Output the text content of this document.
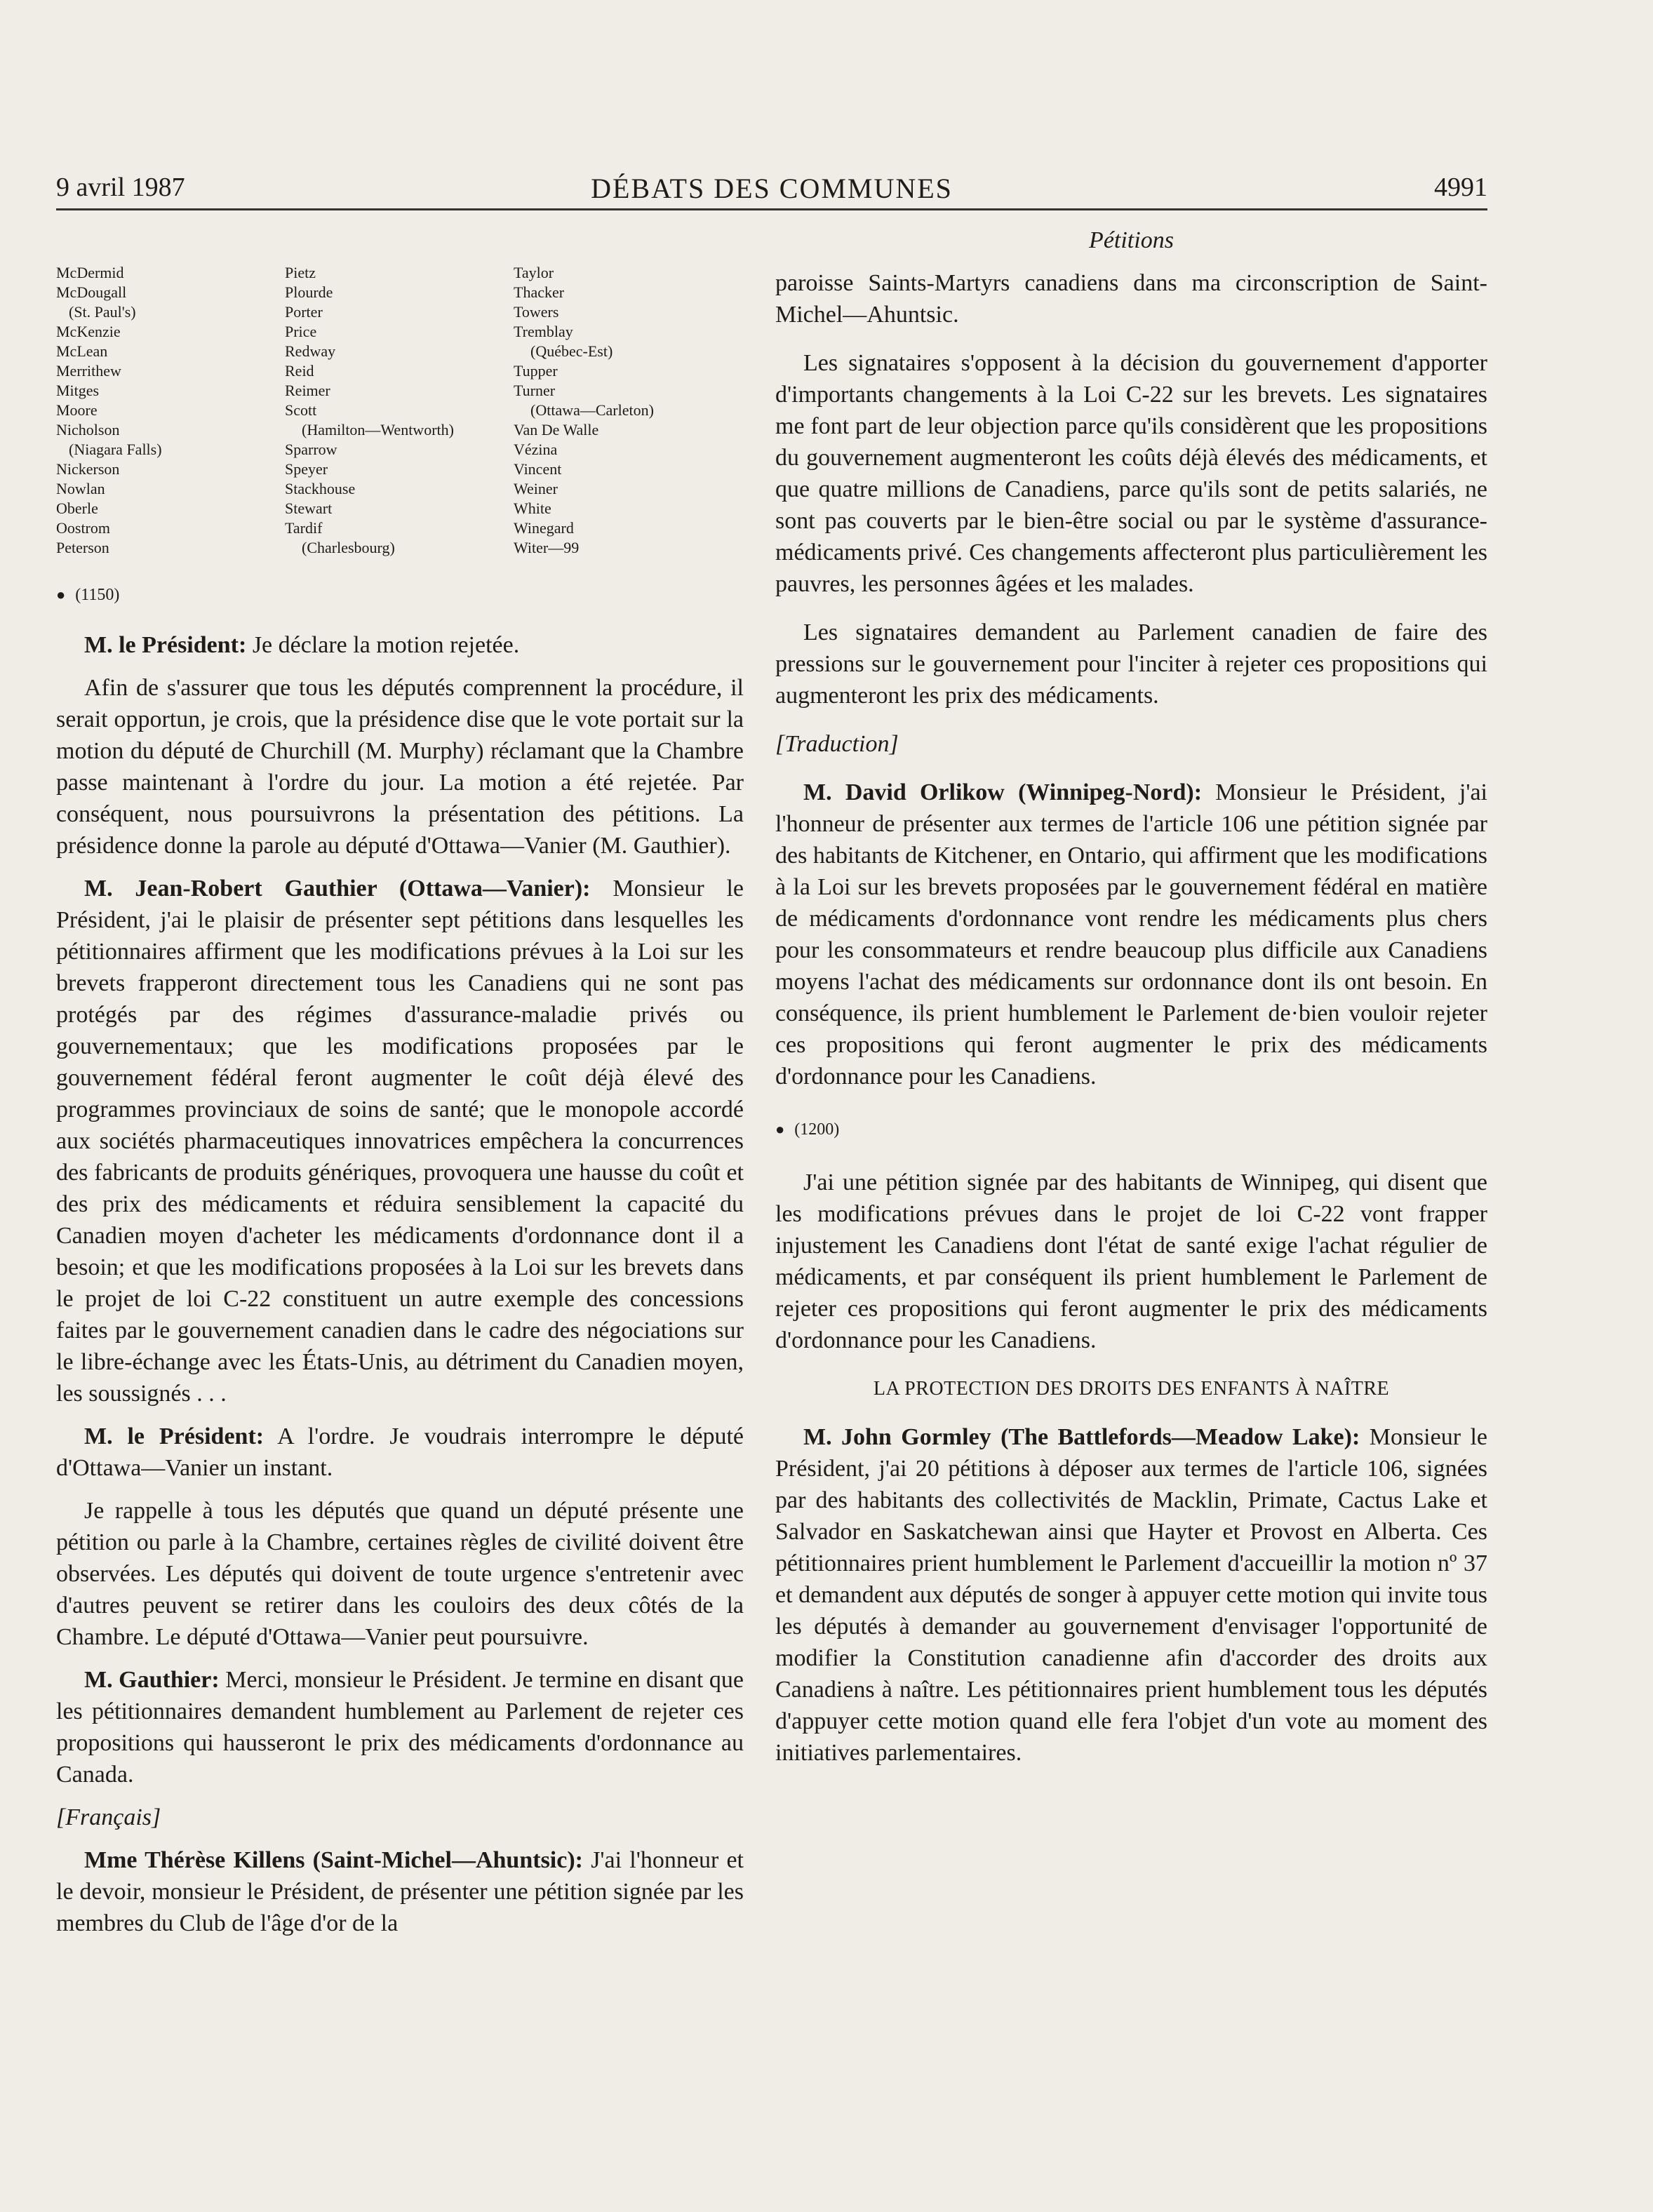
9 avril 1987	DÉBATS DES COMMUNES	4991
McDermid
McDougall
(St. Paul's)
McKenzie
McLean
Merrithew
Mitges
Moore
Nicholson
(Niagara Falls)
Nickerson
Nowlan
Oberle
Oostrom
Peterson
Pietz
Plourde
Porter
Price
Redway
Reid
Reimer
Scott
(Hamilton—Wentworth)
Sparrow
Speyer
Stackhouse
Stewart
Tardif
(Charlesbourg)
Taylor
Thacker
Towers
Tremblay
(Québec-Est)
Tupper
Turner
(Ottawa—Carleton)
Van De Walle
Vézina
Vincent
Weiner
White
Winegard
Witer—99

● (1150)

M. le Président: Je déclare la motion rejetée.

Afin de s'assurer que tous les députés comprennent la procédure, il serait opportun, je crois, que la présidence dise que le vote portait sur la motion du député de Churchill (M. Murphy) réclamant que la Chambre passe maintenant à l'ordre du jour. La motion a été rejetée. Par conséquent, nous poursuivrons la présentation des pétitions. La présidence donne la parole au député d'Ottawa—Vanier (M. Gauthier).

M. Jean-Robert Gauthier (Ottawa—Vanier): Monsieur le Président, j'ai le plaisir de présenter sept pétitions dans lesquelles les pétitionnaires affirment que les modifications prévues à la Loi sur les brevets frapperont directement tous les Canadiens qui ne sont pas protégés par des régimes d'assurance-maladie privés ou gouvernementaux; que les modifications proposées par le gouvernement fédéral feront augmenter le coût déjà élevé des programmes provinciaux de soins de santé; que le monopole accordé aux sociétés pharmaceutiques innovatrices empêchera la concurrences des fabricants de produits génériques, provoquera une hausse du coût et des prix des médicaments et réduira sensiblement la capacité du Canadien moyen d'acheter les médicaments d'ordonnance dont il a besoin; et que les modifications proposées à la Loi sur les brevets dans le projet de loi C-22 constituent un autre exemple des concessions faites par le gouvernement canadien dans le cadre des négociations sur le libre-échange avec les États-Unis, au détriment du Canadien moyen, les soussignés . . .

M. le Président: A l'ordre. Je voudrais interrompre le député d'Ottawa—Vanier un instant.

Je rappelle à tous les députés que quand un député présente une pétition ou parle à la Chambre, certaines règles de civilité doivent être observées. Les députés qui doivent de toute urgence s'entretenir avec d'autres peuvent se retirer dans les couloirs des deux côtés de la Chambre. Le député d'Ottawa—Vanier peut poursuivre.

M. Gauthier: Merci, monsieur le Président. Je termine en disant que les pétitionnaires demandent humblement au Parlement de rejeter ces propositions qui hausseront le prix des médicaments d'ordonnance au Canada.

[Français]

Mme Thérèse Killens (Saint-Michel—Ahuntsic): J'ai l'honneur et le devoir, monsieur le Président, de présenter une pétition signée par les membres du Club de l'âge d'or de la

Pétitions

paroisse Saints-Martyrs canadiens dans ma circonscription de Saint-Michel—Ahuntsic.

Les signataires s'opposent à la décision du gouvernement d'apporter d'importants changements à la Loi C-22 sur les brevets. Les signataires me font part de leur objection parce qu'ils considèrent que les propositions du gouvernement augmenteront les coûts déjà élevés des médicaments, et que quatre millions de Canadiens, parce qu'ils sont de petits salariés, ne sont pas couverts par le bien-être social ou par le système d'assurance-médicaments privé. Ces changements affecteront plus particulièrement les pauvres, les personnes âgées et les malades.

Les signataires demandent au Parlement canadien de faire des pressions sur le gouvernement pour l'inciter à rejeter ces propositions qui augmenteront les prix des médicaments.

[Traduction]

M. David Orlikow (Winnipeg-Nord): Monsieur le Président, j'ai l'honneur de présenter aux termes de l'article 106 une pétition signée par des habitants de Kitchener, en Ontario, qui affirment que les modifications à la Loi sur les brevets proposées par le gouvernement fédéral en matière de médicaments d'ordonnance vont rendre les médicaments plus chers pour les consommateurs et rendre beaucoup plus difficile aux Canadiens moyens l'achat des médicaments sur ordonnance dont ils ont besoin. En conséquence, ils prient humblement le Parlement de·bien vouloir rejeter ces propositions qui feront augmenter le prix des médicaments d'ordonnance pour les Canadiens.

● (1200)

J'ai une pétition signée par des habitants de Winnipeg, qui disent que les modifications prévues dans le projet de loi C-22 vont frapper injustement les Canadiens dont l'état de santé exige l'achat régulier de médicaments, et par conséquent ils prient humblement le Parlement de rejeter ces propositions qui feront augmenter le prix des médicaments d'ordonnance pour les Canadiens.

LA PROTECTION DES DROITS DES ENFANTS À NAÎTRE

M. John Gormley (The Battlefords—Meadow Lake): Monsieur le Président, j'ai 20 pétitions à déposer aux termes de l'article 106, signées par des habitants des collectivités de Macklin, Primate, Cactus Lake et Salvador en Saskatchewan ainsi que Hayter et Provost en Alberta. Ces pétitionnaires prient humblement le Parlement d'accueillir la motion nº 37 et demandent aux députés de songer à appuyer cette motion qui invite tous les députés à demander au gouvernement d'envisager l'opportunité de modifier la Constitution canadienne afin d'accorder des droits aux Canadiens à naître. Les pétitionnaires prient humblement tous les députés d'appuyer cette motion quand elle fera l'objet d'un vote au moment des initiatives parlementaires.
